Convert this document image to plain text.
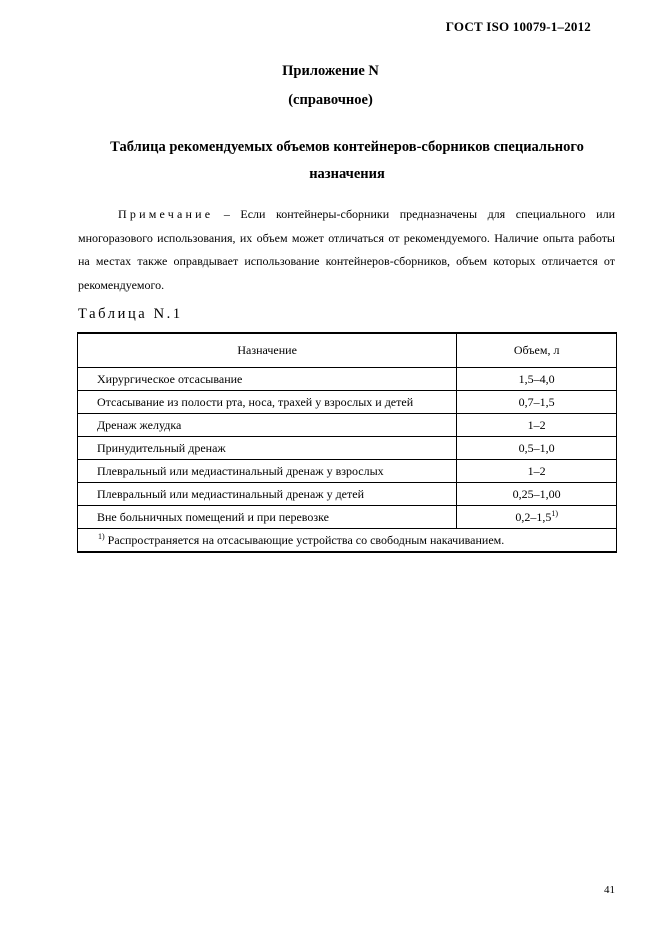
ГОСТ ISO 10079-1–2012
Приложение N
(справочное)
Таблица рекомендуемых объемов контейнеров-сборников специального назначения
Примечание – Если контейнеры-сборники предназначены для специального или многоразового использования, их объем может отличаться от рекомендуемого. Наличие опыта работы на местах также оправдывает использование контейнеров-сборников, объем которых отличается от рекомендуемого.
Таблица N.1
Назначение	Объем, л
Хирургическое отсасывание	1,5–4,0
Отсасывание из полости рта, носа, трахей у взрослых и детей	0,7–1,5
Дренаж желудка	1–2
Принудительный дренаж	0,5–1,0
Плевральный или медиастинальный дренаж у взрослых	1–2
Плевральный или медиастинальный дренаж у детей	0,25–1,00
Вне больничных помещений и при перевозке	0,2–1,5$^{1)}$
$^{1)}$ Распространяется на отсасывающие устройства со свободным накачиванием.	
41
